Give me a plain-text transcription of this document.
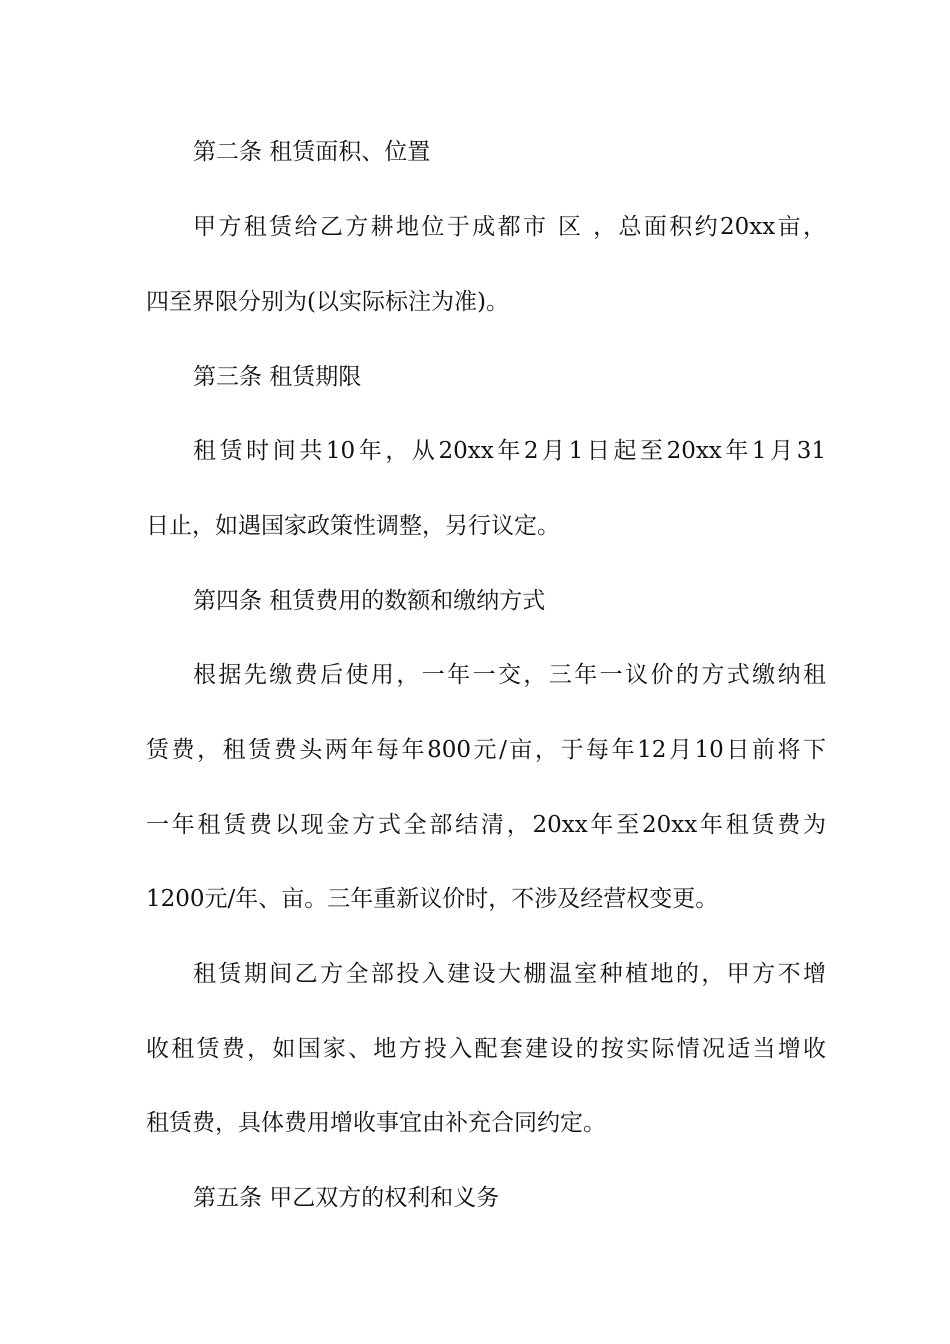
第二条 租赁面积、位置
甲方租赁给乙方耕地位于成都市 区 ，总面积约20xx亩，
四至界限分别为(以实际标注为准)。
第三条 租赁期限
租赁时间共10年，从20xx年2月1日起至20xx年1月31
日止，如遇国家政策性调整，另行议定。
第四条 租赁费用的数额和缴纳方式
根据先缴费后使用，一年一交，三年一议价的方式缴纳租
赁费，租赁费头两年每年800元/亩，于每年12月10日前将下
一年租赁费以现金方式全部结清，20xx年至20xx年租赁费为
1200元/年、亩。三年重新议价时，不涉及经营权变更。
租赁期间乙方全部投入建设大棚温室种植地的，甲方不增
收租赁费，如国家、地方投入配套建设的按实际情况适当增收
租赁费，具体费用增收事宜由补充合同约定。
第五条 甲乙双方的权利和义务
